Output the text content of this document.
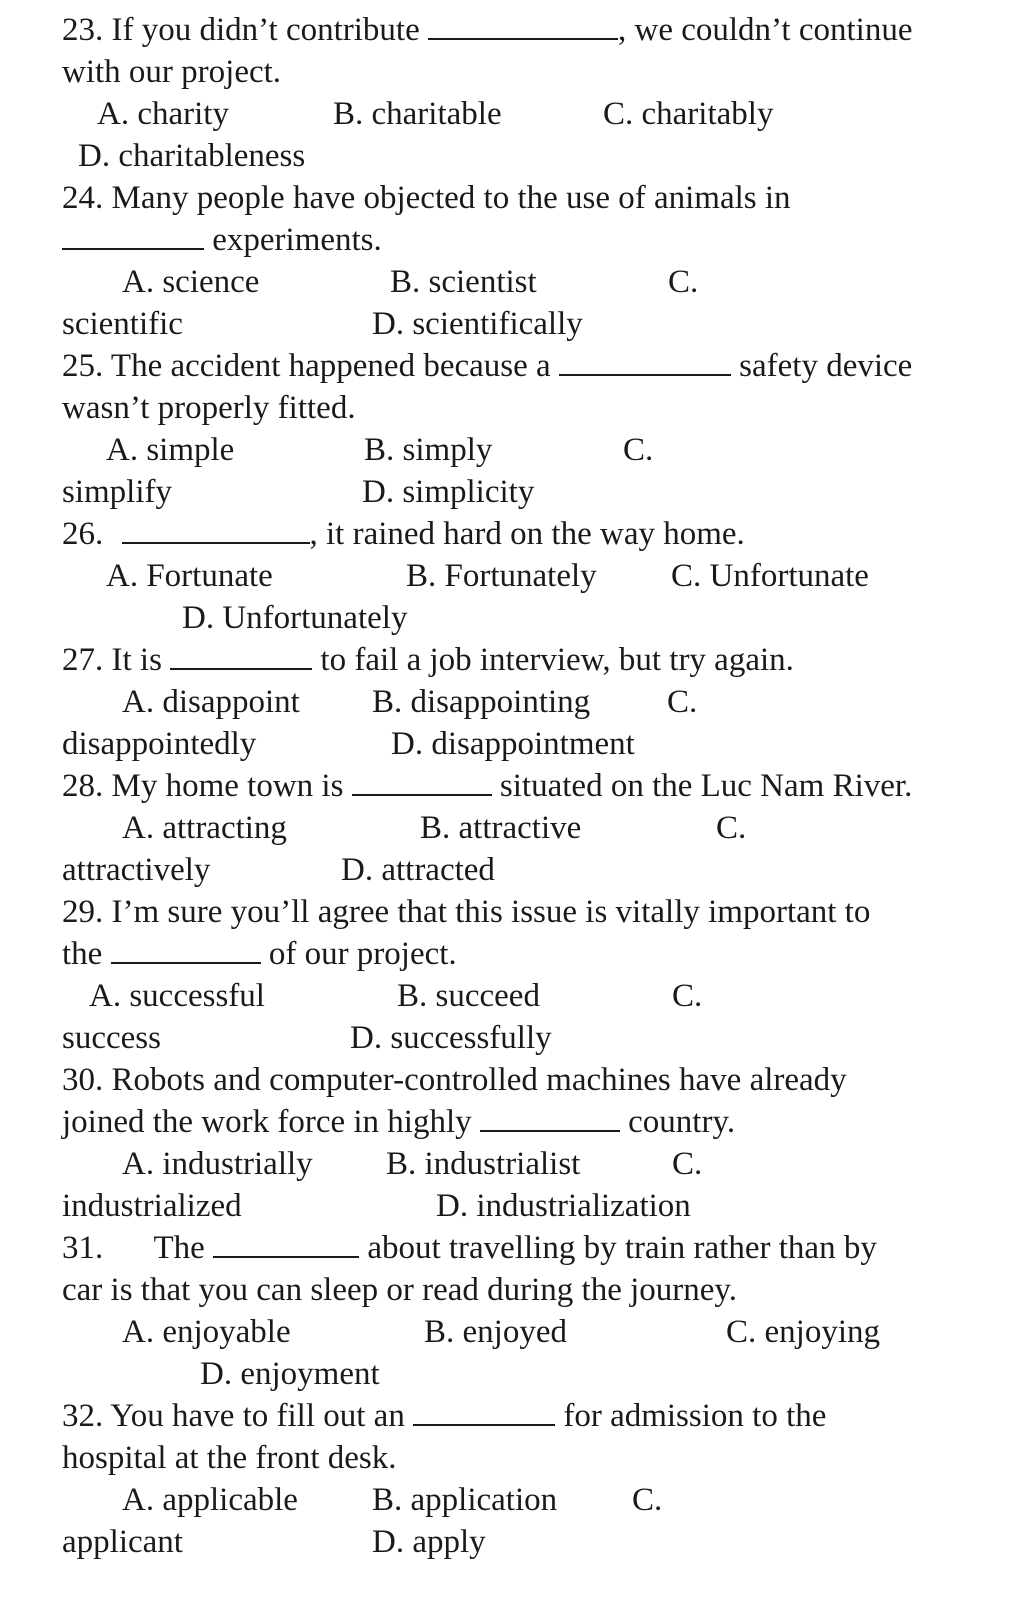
23. If you didn’t contribute	, we couldn’t continue
with our project.
A. charity	B. charitable	C. charitably
D. charitableness
24. Many people have objected to the use of animals in
experiments.
A. science	B. scientist	C.
scientific	D. scientifically
25. The accident happened because a	safety device
wasn’t properly fitted.
A. simple	B. simply	C.
simplify	D. simplicity
26.	, it rained hard on the way home.
A. Fortunate	B. Fortunately C. Unfortunate
D. Unfortunately
27. It is	to fail a job interview, but try again.
A. disappoint B. disappointing C.
disappointedly	D. disappointment
28. My home town is	situated on the Luc Nam River.
A. attracting	B. attractive	C.
attractively	D. attracted
29. I’m sure you’ll agree that this issue is vitally important to
the	of our project.
A. successful	B. succeed	C.
success	D. successfully
30. Robots and computer-controlled machines have already
joined the work force in highly	country.
A. industrially B. industrialist	C.
industrialized	D. industrialization
31. The	about travelling by train rather than by
car is that you can sleep or read during the journey.
A. enjoyable	B. enjoyed	C. enjoying
D. enjoyment
32. You have to fill out an	for admission to the
hospital at the front desk.
A. applicable B. application C.
applicant	D. apply
